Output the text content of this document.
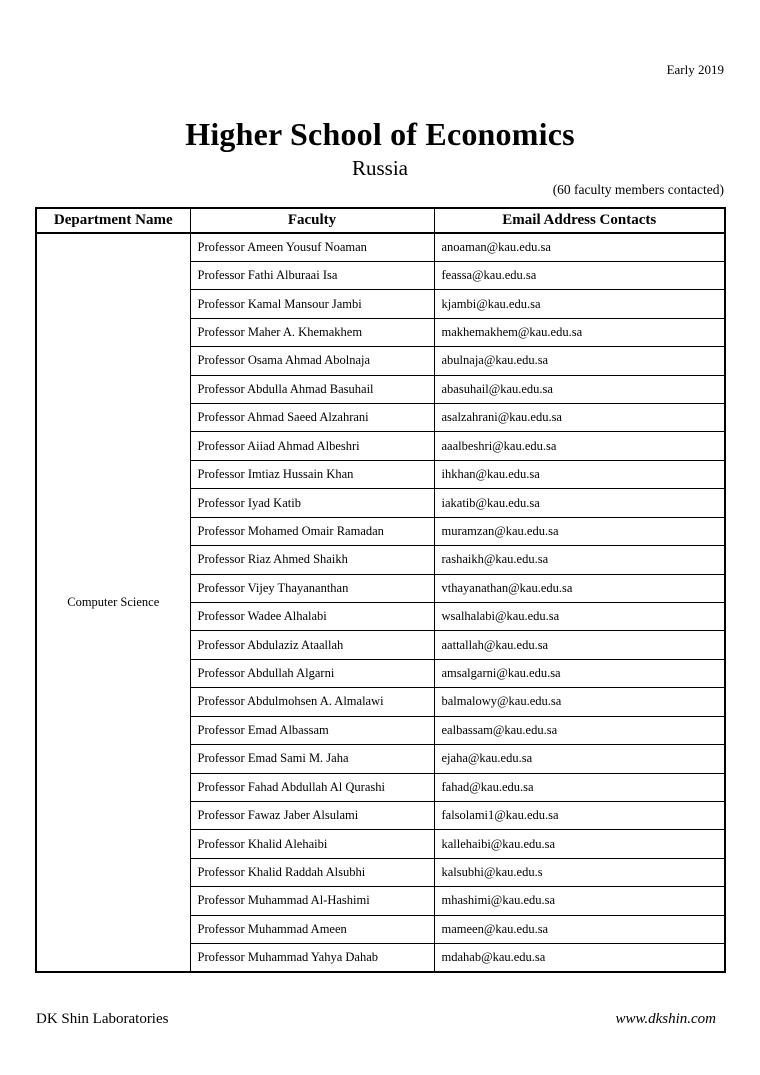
Early 2019
Higher School of Economics
Russia
(60 faculty members contacted)
Department Name	Faculty	Email Address Contacts
Computer Science	Professor Ameen Yousuf Noaman	anoaman@kau.edu.sa
	Professor Fathi Alburaai Isa	feassa@kau.edu.sa
	Professor Kamal Mansour Jambi	kjambi@kau.edu.sa
	Professor Maher A. Khemakhem	makhemakhem@kau.edu.sa
	Professor Osama Ahmad Abolnaja	abulnaja@kau.edu.sa
	Professor Abdulla Ahmad Basuhail	abasuhail@kau.edu.sa
	Professor Ahmad Saeed Alzahrani	asalzahrani@kau.edu.sa
	Professor Aiiad Ahmad Albeshri	aaalbeshri@kau.edu.sa
	Professor Imtiaz Hussain Khan	ihkhan@kau.edu.sa
	Professor Iyad Katib	iakatib@kau.edu.sa
	Professor Mohamed Omair Ramadan	muramzan@kau.edu.sa
	Professor Riaz Ahmed Shaikh	rashaikh@kau.edu.sa
	Professor Vijey Thayananthan	vthayanathan@kau.edu.sa
	Professor Wadee Alhalabi	wsalhalabi@kau.edu.sa
	Professor Abdulaziz Ataallah	aattallah@kau.edu.sa
	Professor Abdullah Algarni	amsalgarni@kau.edu.sa
	Professor Abdulmohsen A. Almalawi	balmalowy@kau.edu.sa
	Professor Emad Albassam	ealbassam@kau.edu.sa
	Professor Emad Sami M. Jaha	ejaha@kau.edu.sa
	Professor Fahad Abdullah Al Qurashi	fahad@kau.edu.sa
	Professor Fawaz Jaber Alsulami	falsolami1@kau.edu.sa
	Professor Khalid Alehaibi	kallehaibi@kau.edu.sa
	Professor Khalid Raddah Alsubhi	kalsubhi@kau.edu.s
	Professor Muhammad Al-Hashimi	mhashimi@kau.edu.sa
	Professor Muhammad Ameen	mameen@kau.edu.sa
	Professor Muhammad Yahya Dahab	mdahab@kau.edu.sa
DK Shin Laboratories	www.dkshin.com
